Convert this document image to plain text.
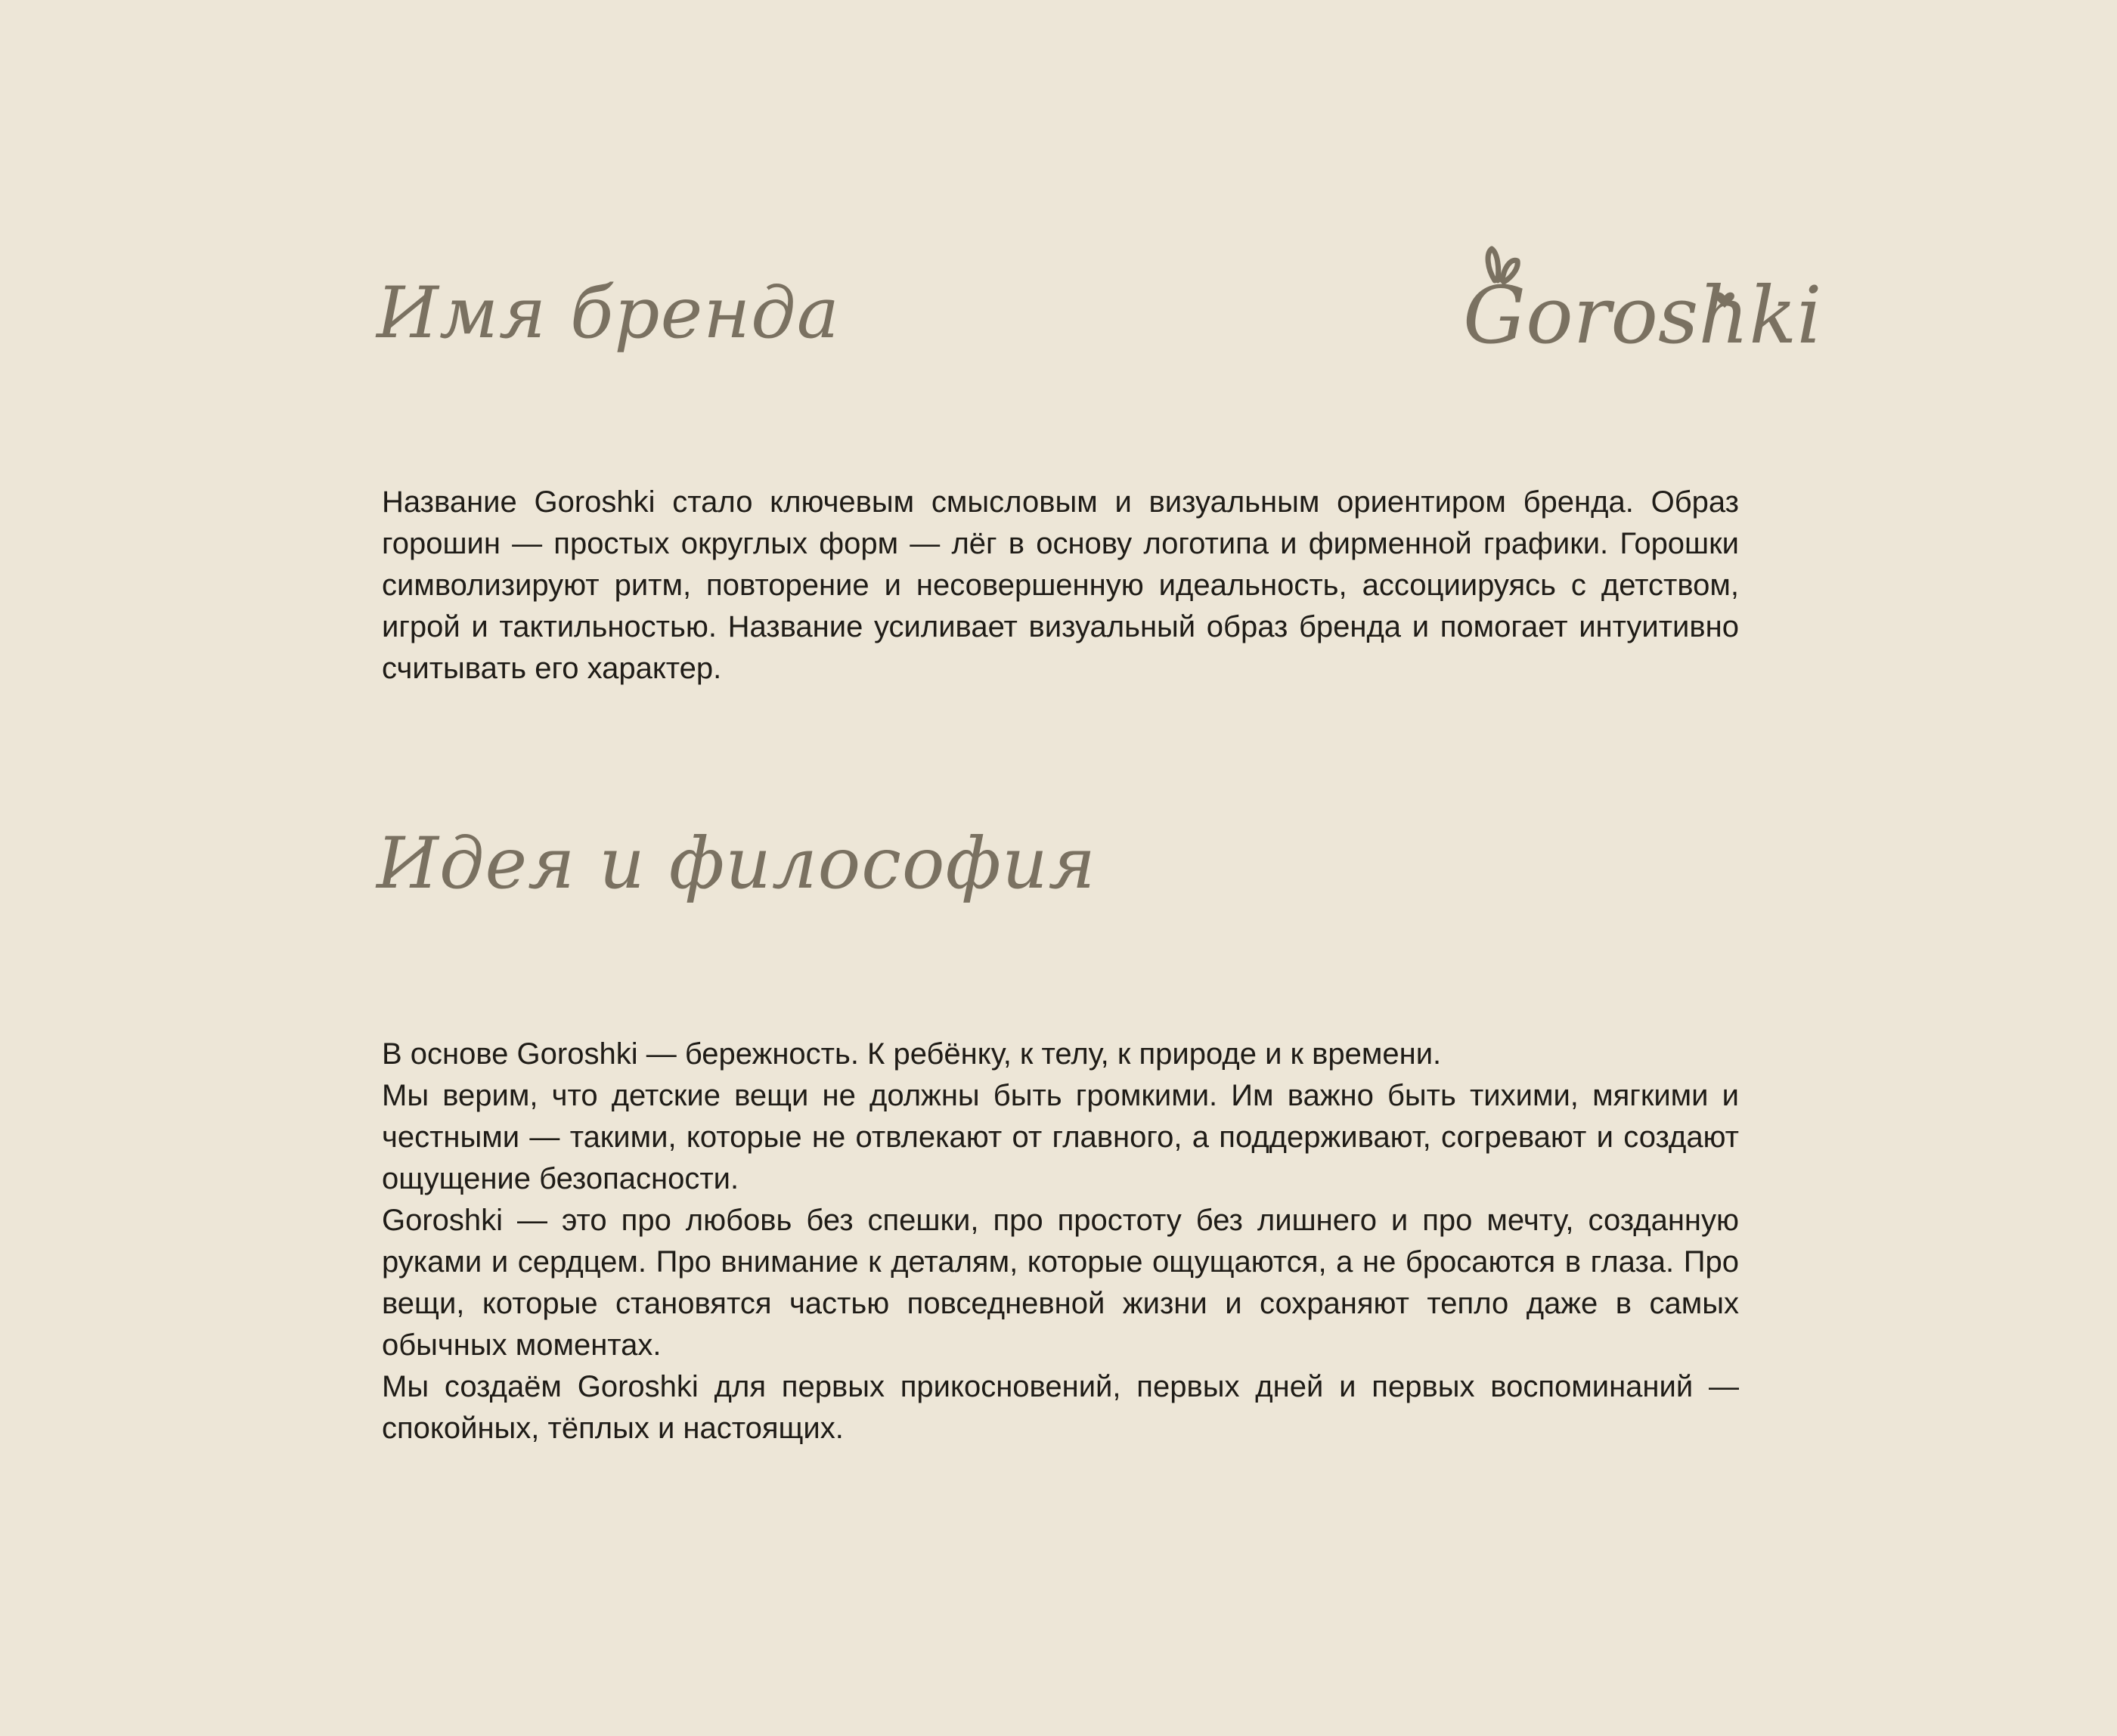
Имя бренда	Goroshki

Название Goroshki стало ключевым смысловым и визуальным ориентиром бренда. Образ горошин — простых округлых форм — лёг в основу логотипа и фирменной графики. Горошки символизируют ритм, повторение и несовершенную идеальность, ассоциируясь с детством, игрой и тактильностью. Название усиливает визуальный образ бренда и помогает интуитивно считывать его характер.

Идея и философия

В основе Goroshki — бережность. К ребёнку, к телу, к природе и к времени.

Мы верим, что детские вещи не должны быть громкими. Им важно быть тихими, мягкими и честными — такими, которые не отвлекают от главного, а поддерживают, согревают и создают ощущение безопасности.

Goroshki — это про любовь без спешки, про простоту без лишнего и про мечту, созданную руками и сердцем. Про внимание к деталям, которые ощущаются, а не бросаются в глаза. Про вещи, которые становятся частью повседневной жизни и сохраняют тепло даже в самых обычных моментах.

Мы создаём Goroshki для первых прикосновений, первых дней и первых воспоминаний — спокойных, тёплых и настоящих.
